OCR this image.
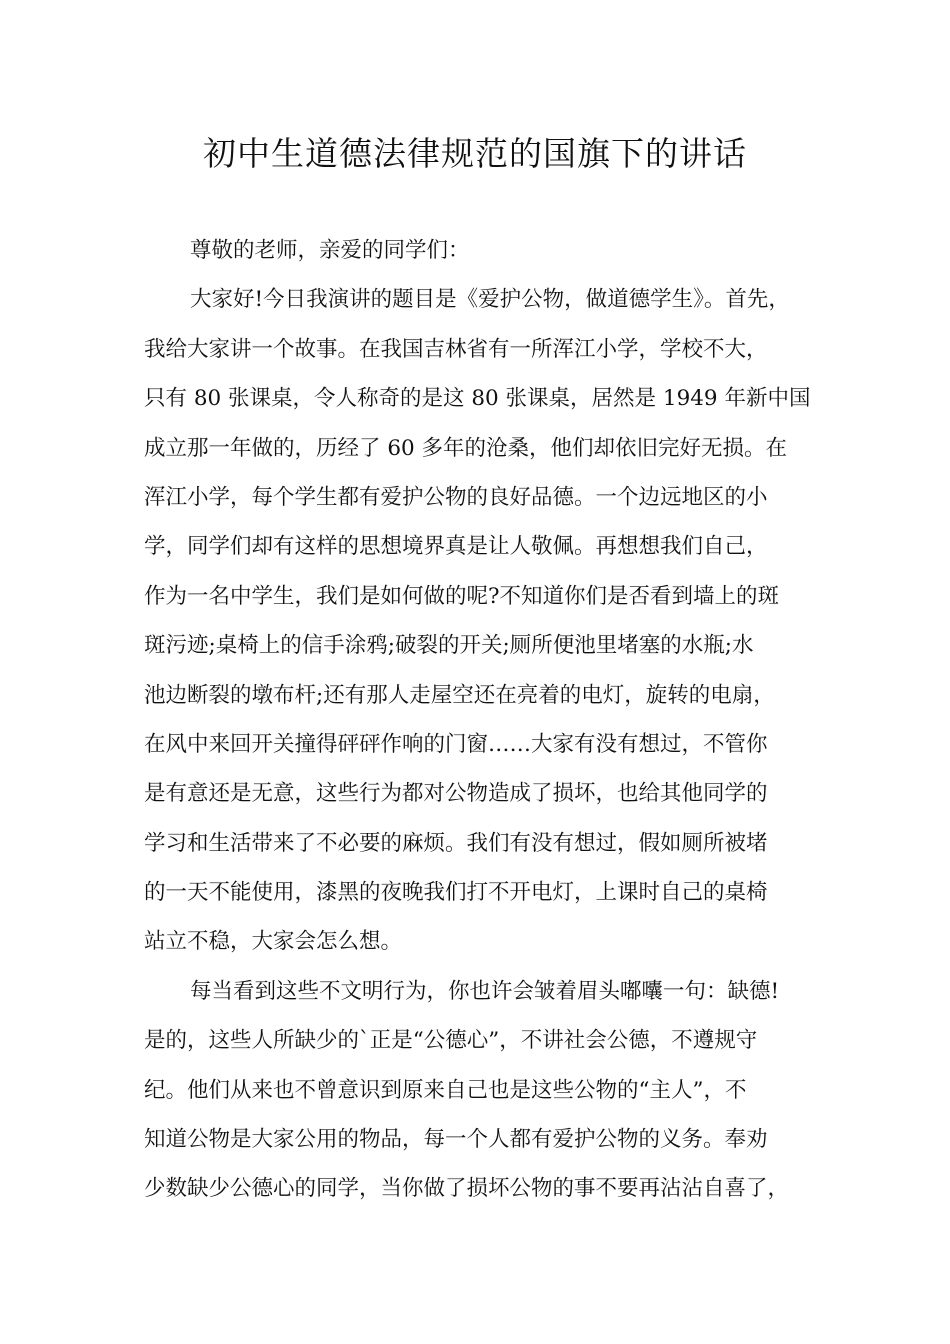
初中生道德法律规范的国旗下的讲话
尊敬的老师，亲爱的同学们：
大家好!今日我演讲的题目是《爱护公物，做道德学生》。首先，
我给大家讲一个故事。在我国吉林省有一所浑江小学，学校不大，
只有 80 张课桌，令人称奇的是这 80 张课桌，居然是 1949 年新中国
成立那一年做的，历经了 60 多年的沧桑，他们却依旧完好无损。在
浑江小学，每个学生都有爱护公物的良好品德。一个边远地区的小
学，同学们却有这样的思想境界真是让人敬佩。再想想我们自己，
作为一名中学生，我们是如何做的呢?不知道你们是否看到墙上的斑
斑污迹;桌椅上的信手涂鸦;破裂的开关;厕所便池里堵塞的水瓶;水
池边断裂的墩布杆;还有那人走屋空还在亮着的电灯，旋转的电扇，
在风中来回开关撞得砰砰作响的门窗……大家有没有想过，不管你
是有意还是无意，这些行为都对公物造成了损坏，也给其他同学的
学习和生活带来了不必要的麻烦。我们有没有想过，假如厕所被堵
的一天不能使用，漆黑的夜晚我们打不开电灯，上课时自己的桌椅
站立不稳，大家会怎么想。
每当看到这些不文明行为，你也许会皱着眉头嘟囔一句：缺德!
是的，这些人所缺少的`正是“公德心”，不讲社会公德，不遵规守
纪。他们从来也不曾意识到原来自己也是这些公物的“主人”，不
知道公物是大家公用的物品，每一个人都有爱护公物的义务。奉劝
少数缺少公德心的同学，当你做了损坏公物的事不要再沾沾自喜了，
